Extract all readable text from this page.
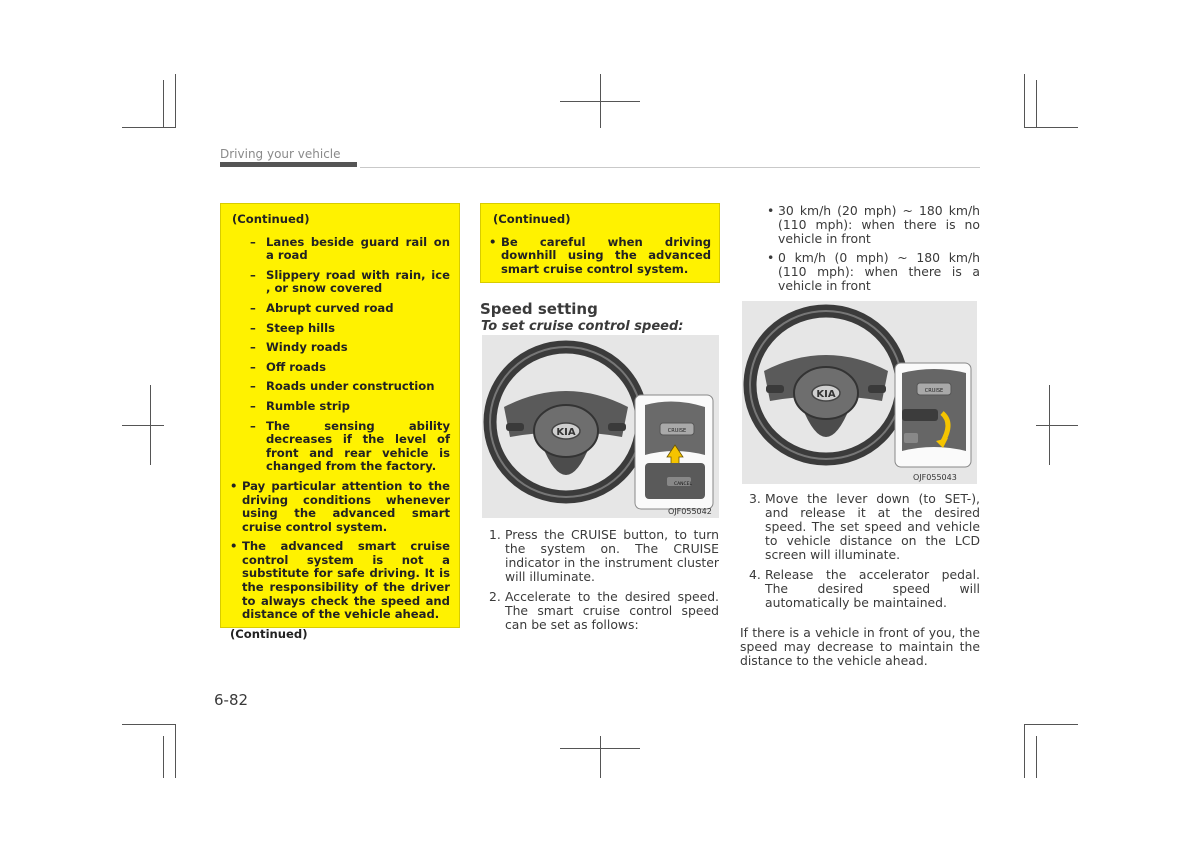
Driving your vehicle
(Continued)
– Lanes beside guard rail on a road
– Slippery road with rain, ice , or snow covered
– Abrupt curved road
– Steep hills
– Windy roads
– Off roads
– Roads under construction
– Rumble strip
– The sensing ability decreases if the level of front and rear vehicle is changed from the factory.
• Pay particular attention to the driving conditions whenever using the advanced smart cruise control system.
• The advanced smart cruise control system is not a substitute for safe driving. It is the responsibility of the driver to always check the speed and distance of the vehicle ahead.
(Continued)
(Continued)
• Be careful when driving downhill using the advanced smart cruise control system.
Speed setting
To set cruise control speed:
KIA	CRUISE
CANCEL
OJF055042
1. Press the CRUISE button, to turn the system on. The CRUISE indicator in the instrument cluster will illuminate.
2. Accelerate to the desired speed. The smart cruise control speed can be set as follows:
• 30 km/h (20 mph) ~ 180 km/h (110 mph): when there is no vehicle in front
• 0 km/h (0 mph) ~ 180 km/h (110 mph): when there is a vehicle in front
KIA	CRUISE
OJF055043
3. Move the lever down (to SET-), and release it at the desired speed. The set speed and vehicle to vehicle distance on the LCD screen will illuminate.
4. Release the accelerator pedal. The desired speed will automatically be maintained.
If there is a vehicle in front of you, the speed may decrease to maintain the distance to the vehicle ahead.
6-82
